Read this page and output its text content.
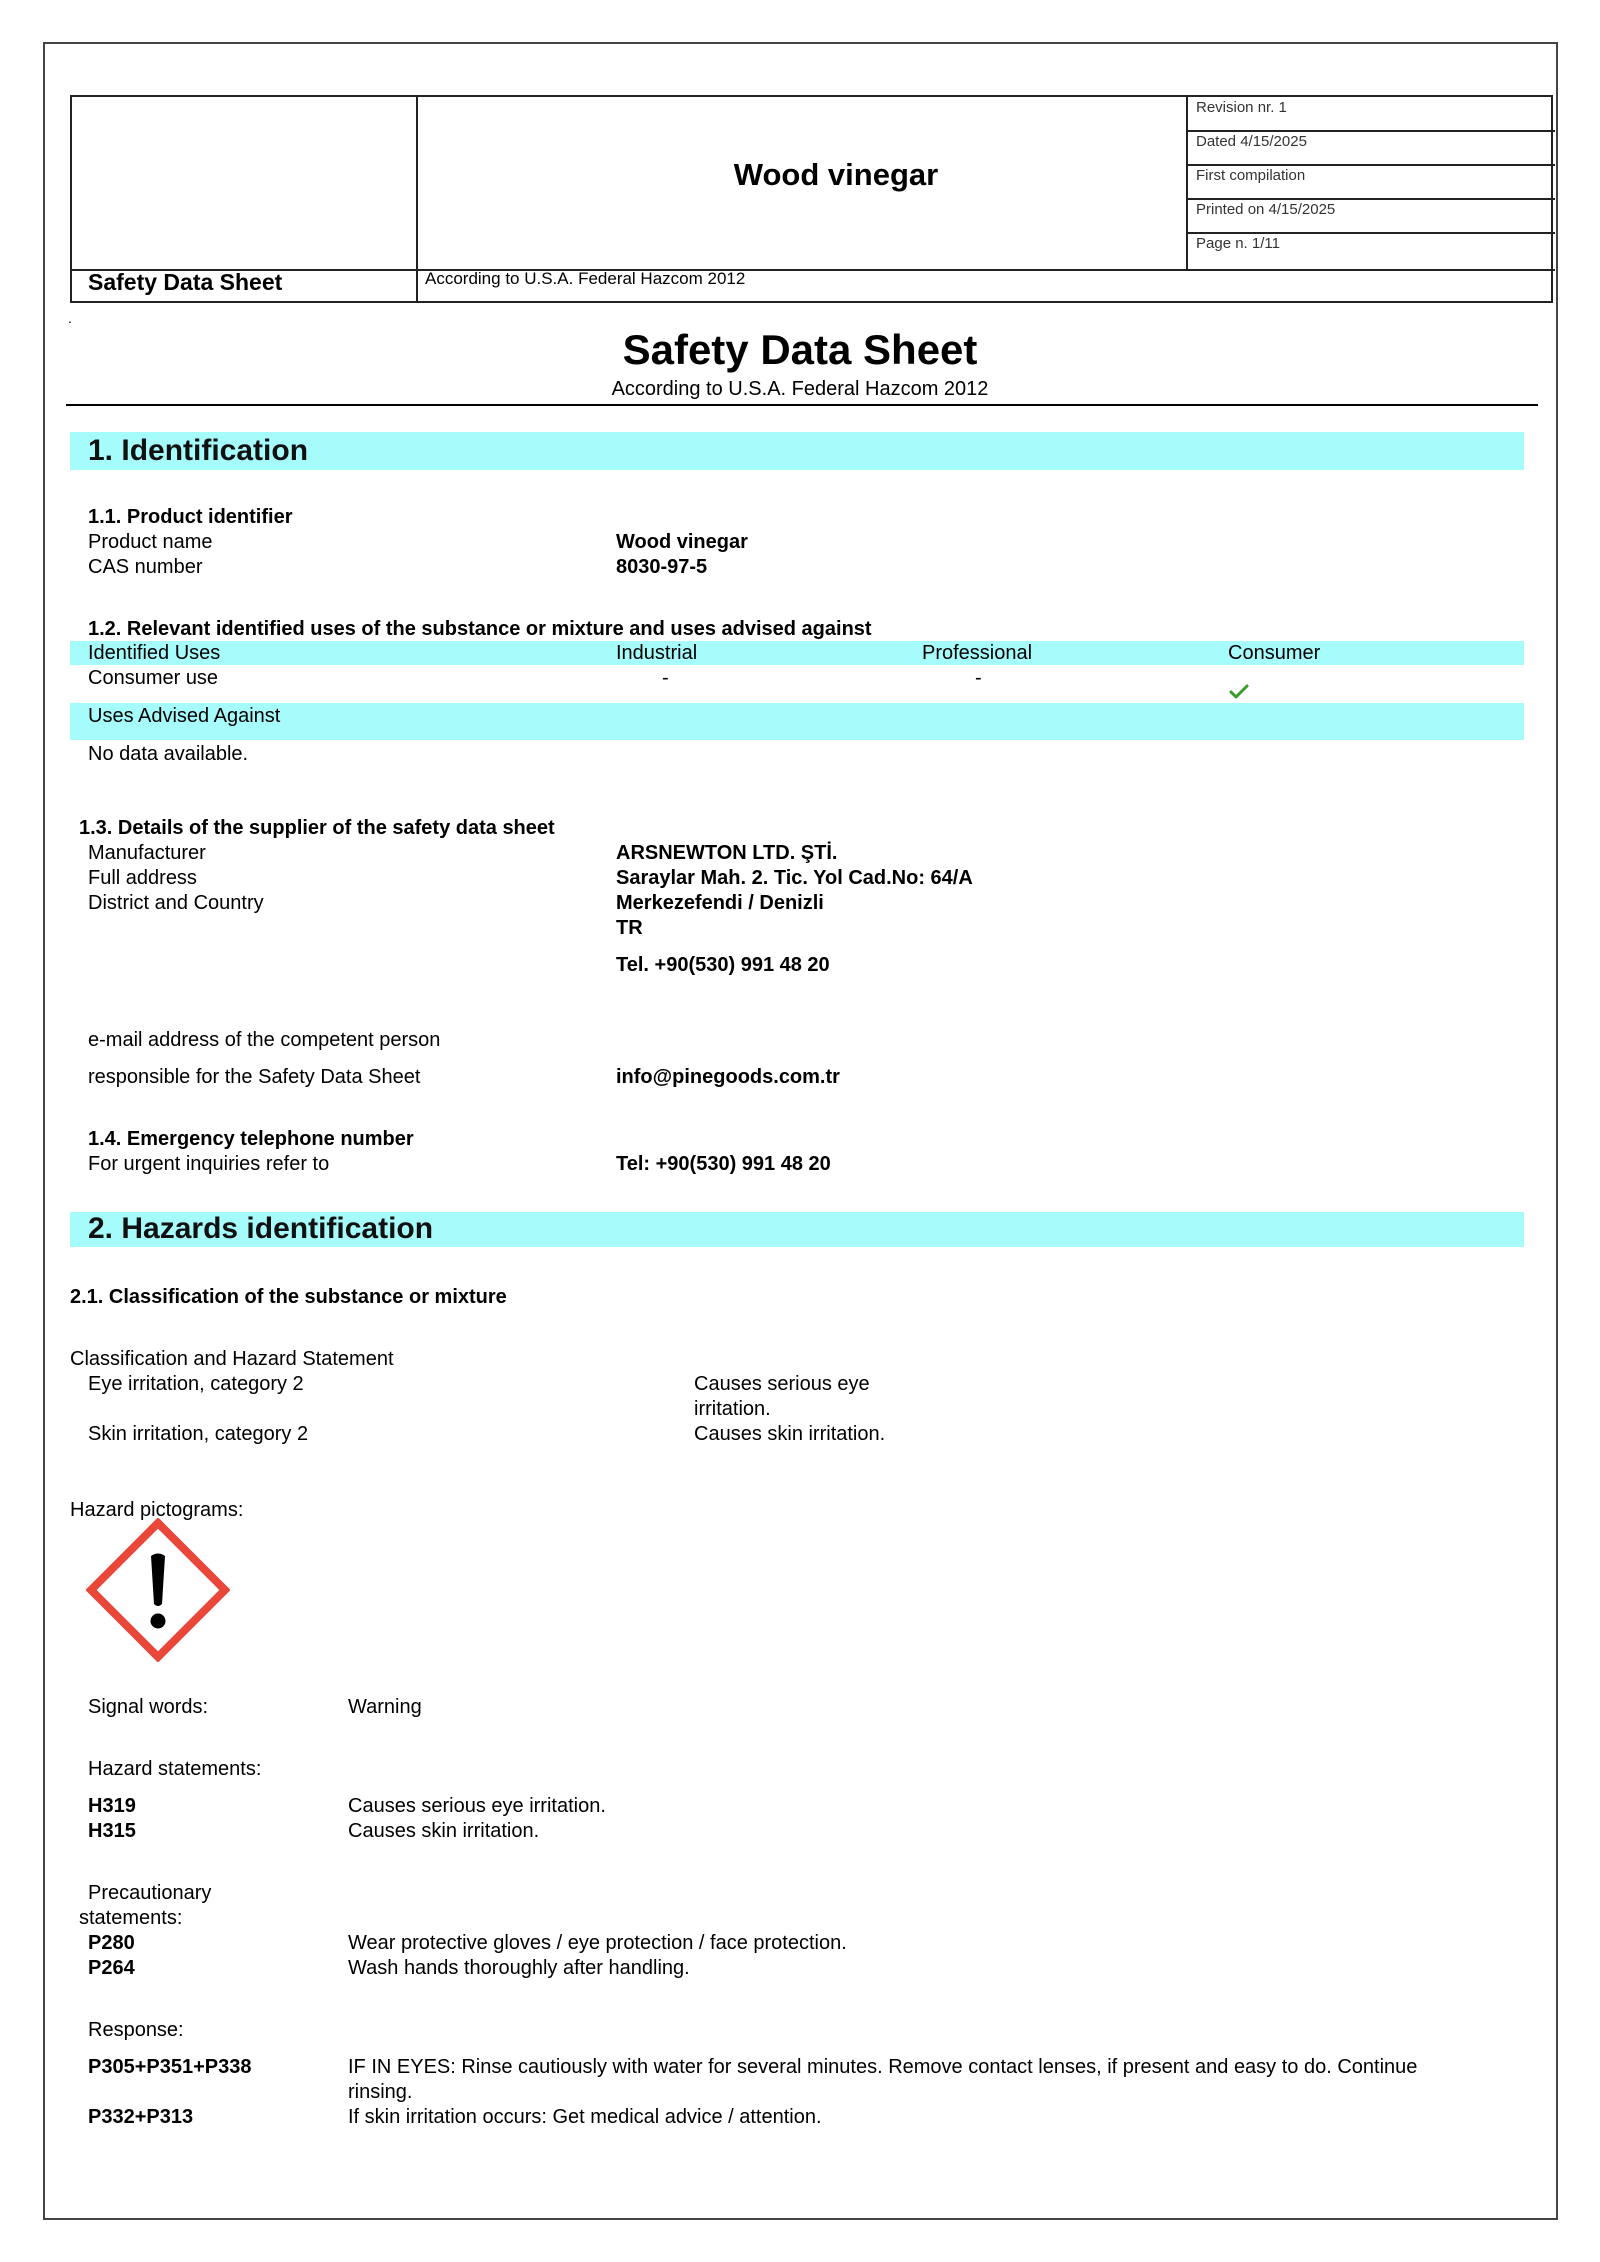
Revision nr. 1
Dated 4/15/2025
First compilation
Printed on 4/15/2025
Page n. 1/11
Wood vinegar
Safety Data Sheet	According to U.S.A. Federal Hazcom 2012
.
Safety Data Sheet
According to U.S.A. Federal Hazcom 2012
1. Identification
1.1. Product identifier
Product name	Wood vinegar
CAS number	8030-97-5
1.2. Relevant identified uses of the substance or mixture and uses advised against
Identified Uses	Industrial	Professional	Consumer
Consumer use	-	-
Uses Advised Against
No data available.
1.3. Details of the supplier of the safety data sheet
Manufacturer	ARSNEWTON LTD. ŞTİ.
Full address	Saraylar Mah. 2. Tic. Yol Cad.No: 64/A
District and Country	Merkezefendi / Denizli
TR
Tel. +90(530) 991 48 20
e-mail address of the competent person
responsible for the Safety Data Sheet	info@pinegoods.com.tr
1.4. Emergency telephone number
For urgent inquiries refer to	Tel: +90(530) 991 48 20
2. Hazards identification
2.1. Classification of the substance or mixture
Classification and Hazard Statement
Eye irritation, category 2	Causes serious eye
irritation.
Skin irritation, category 2	Causes skin irritation.
Hazard pictograms:
Signal words:	Warning
Hazard statements:
H319	Causes serious eye irritation.
H315	Causes skin irritation.
Precautionary
statements:
P280	Wear protective gloves / eye protection / face protection.
P264	Wash hands thoroughly after handling.
Response:
P305+P351+P338	IF IN EYES: Rinse cautiously with water for several minutes. Remove contact lenses, if present and easy to do. Continue
rinsing.
P332+P313	If skin irritation occurs: Get medical advice / attention.
